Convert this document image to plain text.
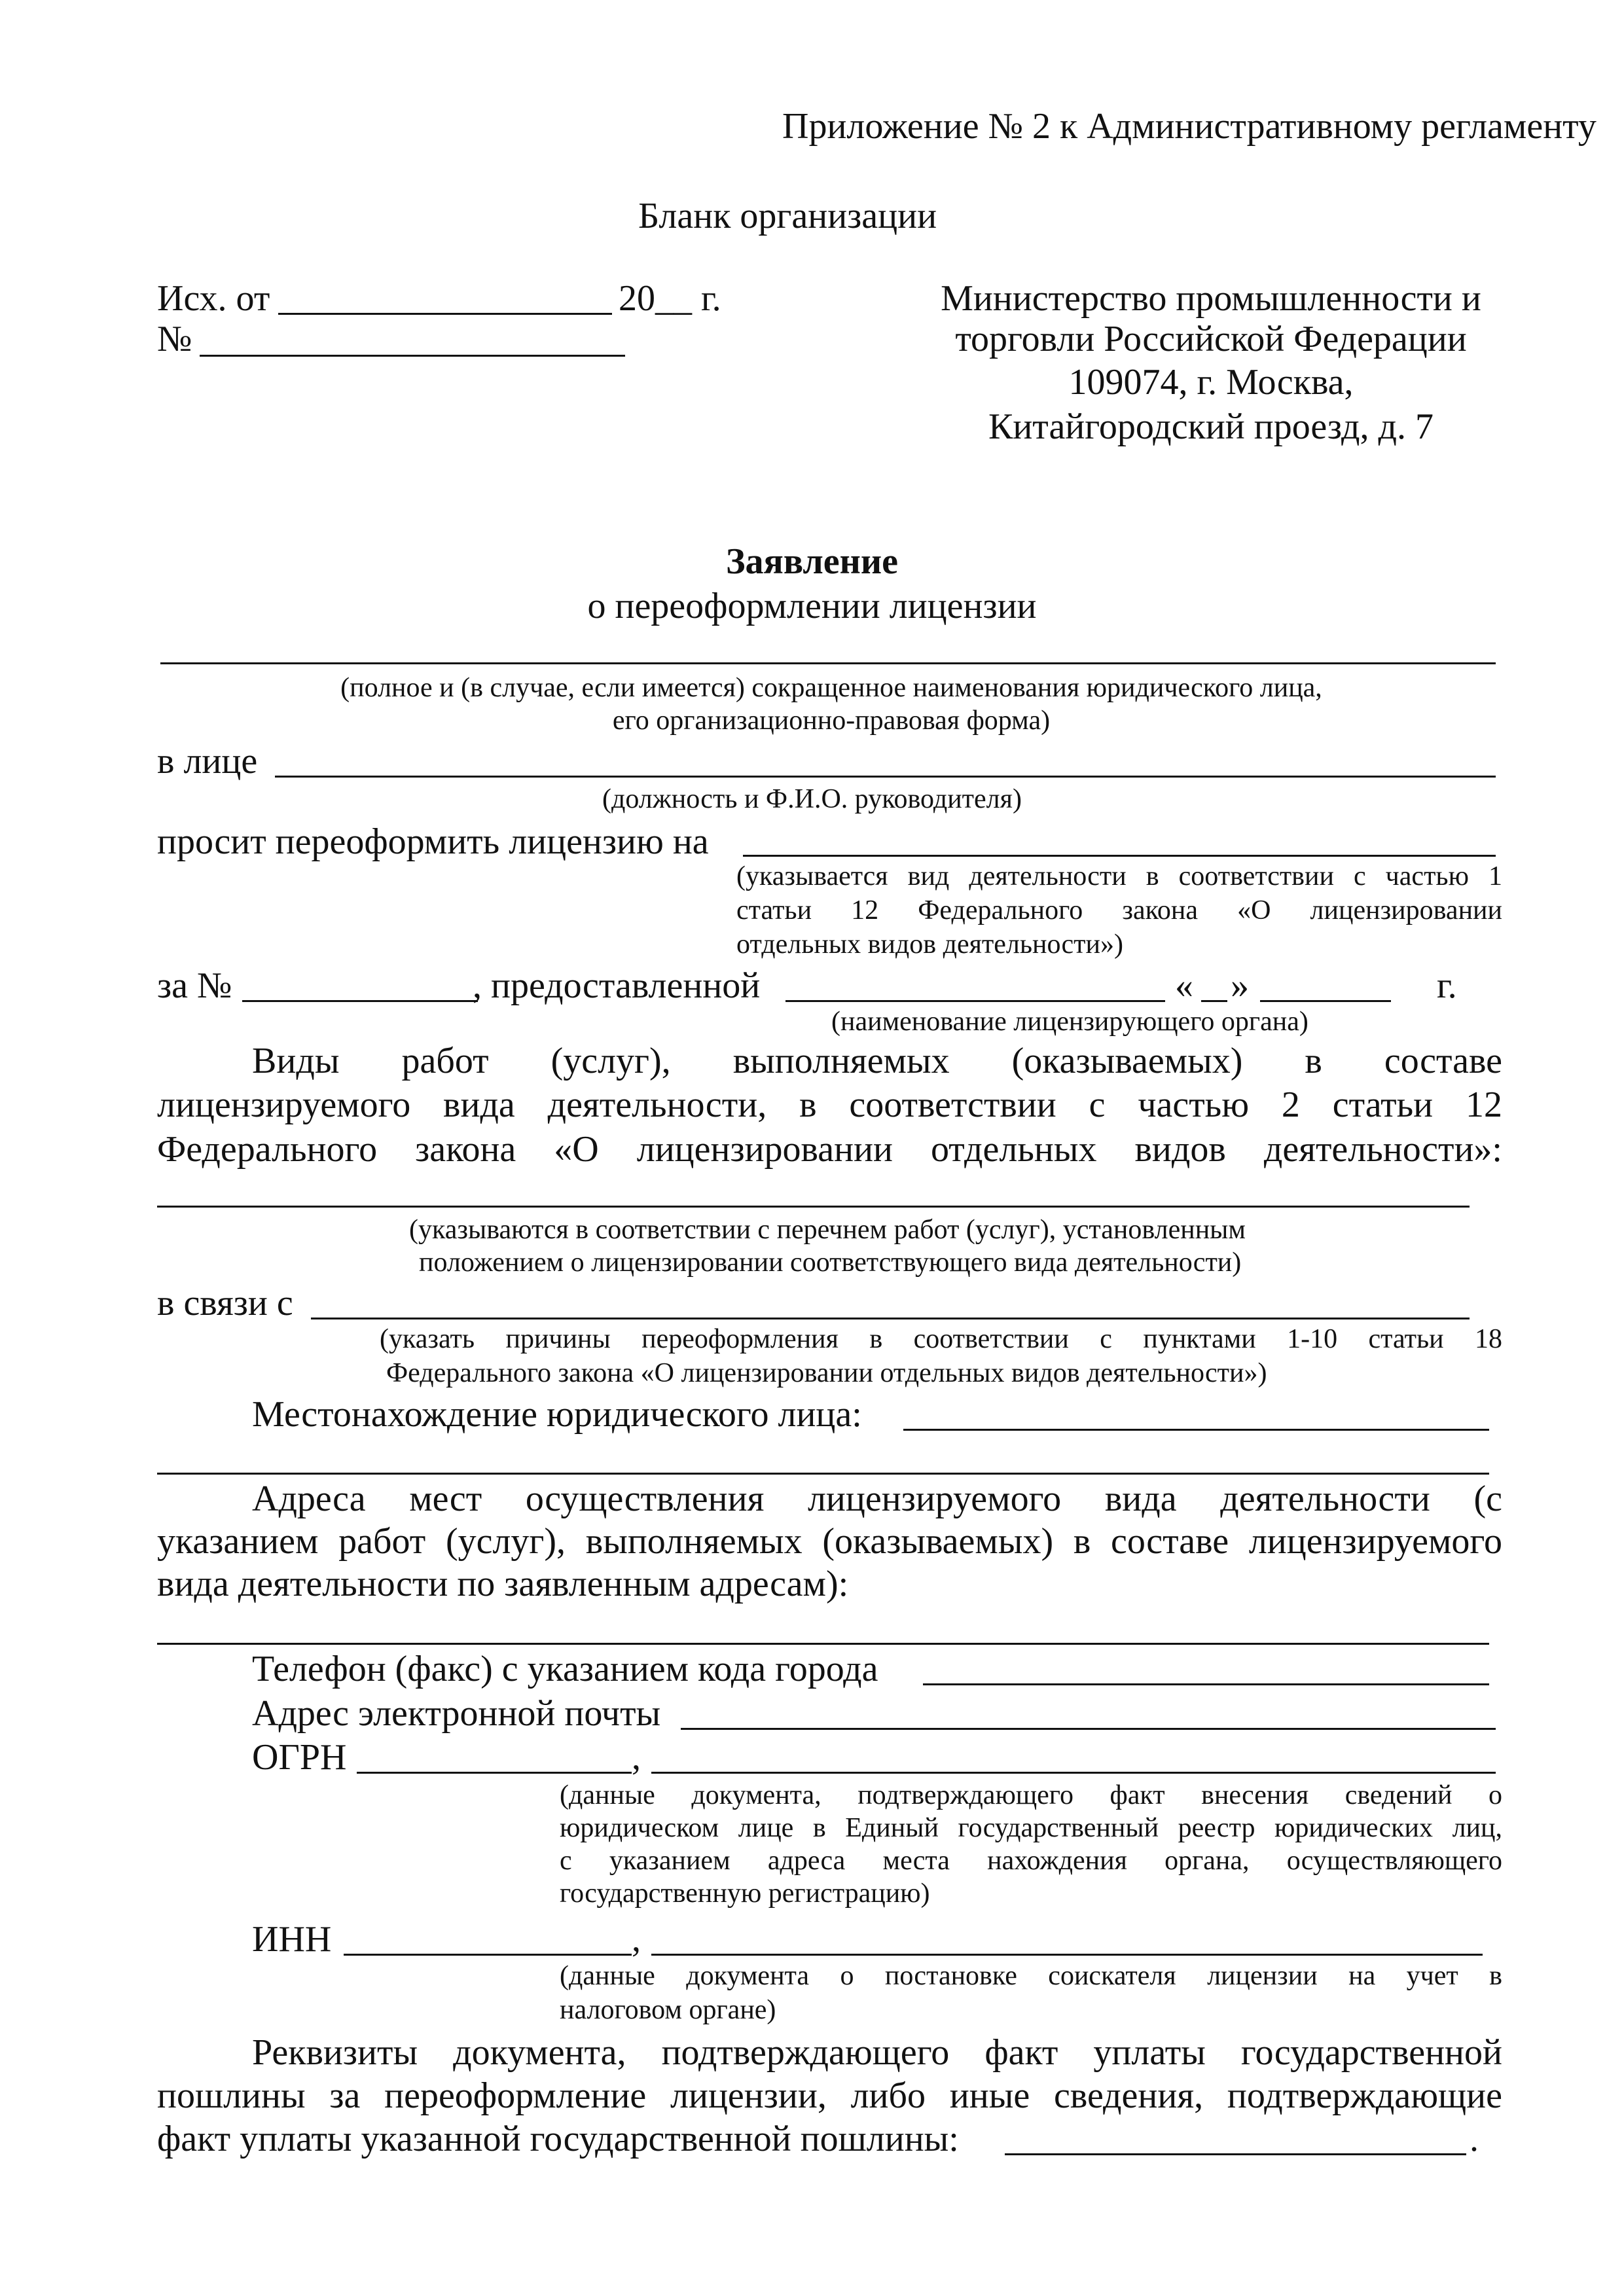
Приложение № 2 к Административному регламенту
Бланк организации
Исх. от	20__ г.
№
Министерство промышленности и
торговли Российской Федерации
109074, г. Москва,
Китайгородский проезд, д. 7
Заявление
о переоформлении лицензии
(полное и (в случае, если имеется) сокращенное наименования юридического лица,
его организационно-правовая форма)
в лице
(должность и Ф.И.О. руководителя)
просит переоформить лицензию на
(указывается вид деятельности в соответствии с частью 1
статьи 12 Федерального закона «О лицензировании
отдельных видов деятельности»)
за №	, предоставленной	« »	г.
(наименование лицензирующего органа)
Виды работ (услуг), выполняемых (оказываемых) в составе
лицензируемого вида деятельности, в соответствии с частью 2 статьи 12
Федерального закона «О лицензировании отдельных видов деятельности»:
(указываются в соответствии с перечнем работ (услуг), установленным
положением о лицензировании соответствующего вида деятельности)
в связи с
(указать причины переоформления в соответствии с пунктами 1-10 статьи 18
Федерального закона «О лицензировании отдельных видов деятельности»)
Местонахождение юридического лица:
Адреса мест осуществления лицензируемого вида деятельности (с
указанием работ (услуг), выполняемых (оказываемых) в составе лицензируемого
вида деятельности по заявленным адресам):
Телефон (факс) с указанием кода города
Адрес электронной почты
ОГРН	,
(данные документа, подтверждающего факт внесения сведений о
юридическом лице в Единый государственный реестр юридических лиц,
с указанием адреса места нахождения органа, осуществляющего
государственную регистрацию)
ИНН	,
(данные документа о постановке соискателя лицензии на учет в
налоговом органе)
Реквизиты документа, подтверждающего факт уплаты государственной
пошлины за переоформление лицензии, либо иные сведения, подтверждающие
факт уплаты указанной государственной пошлины:	.
